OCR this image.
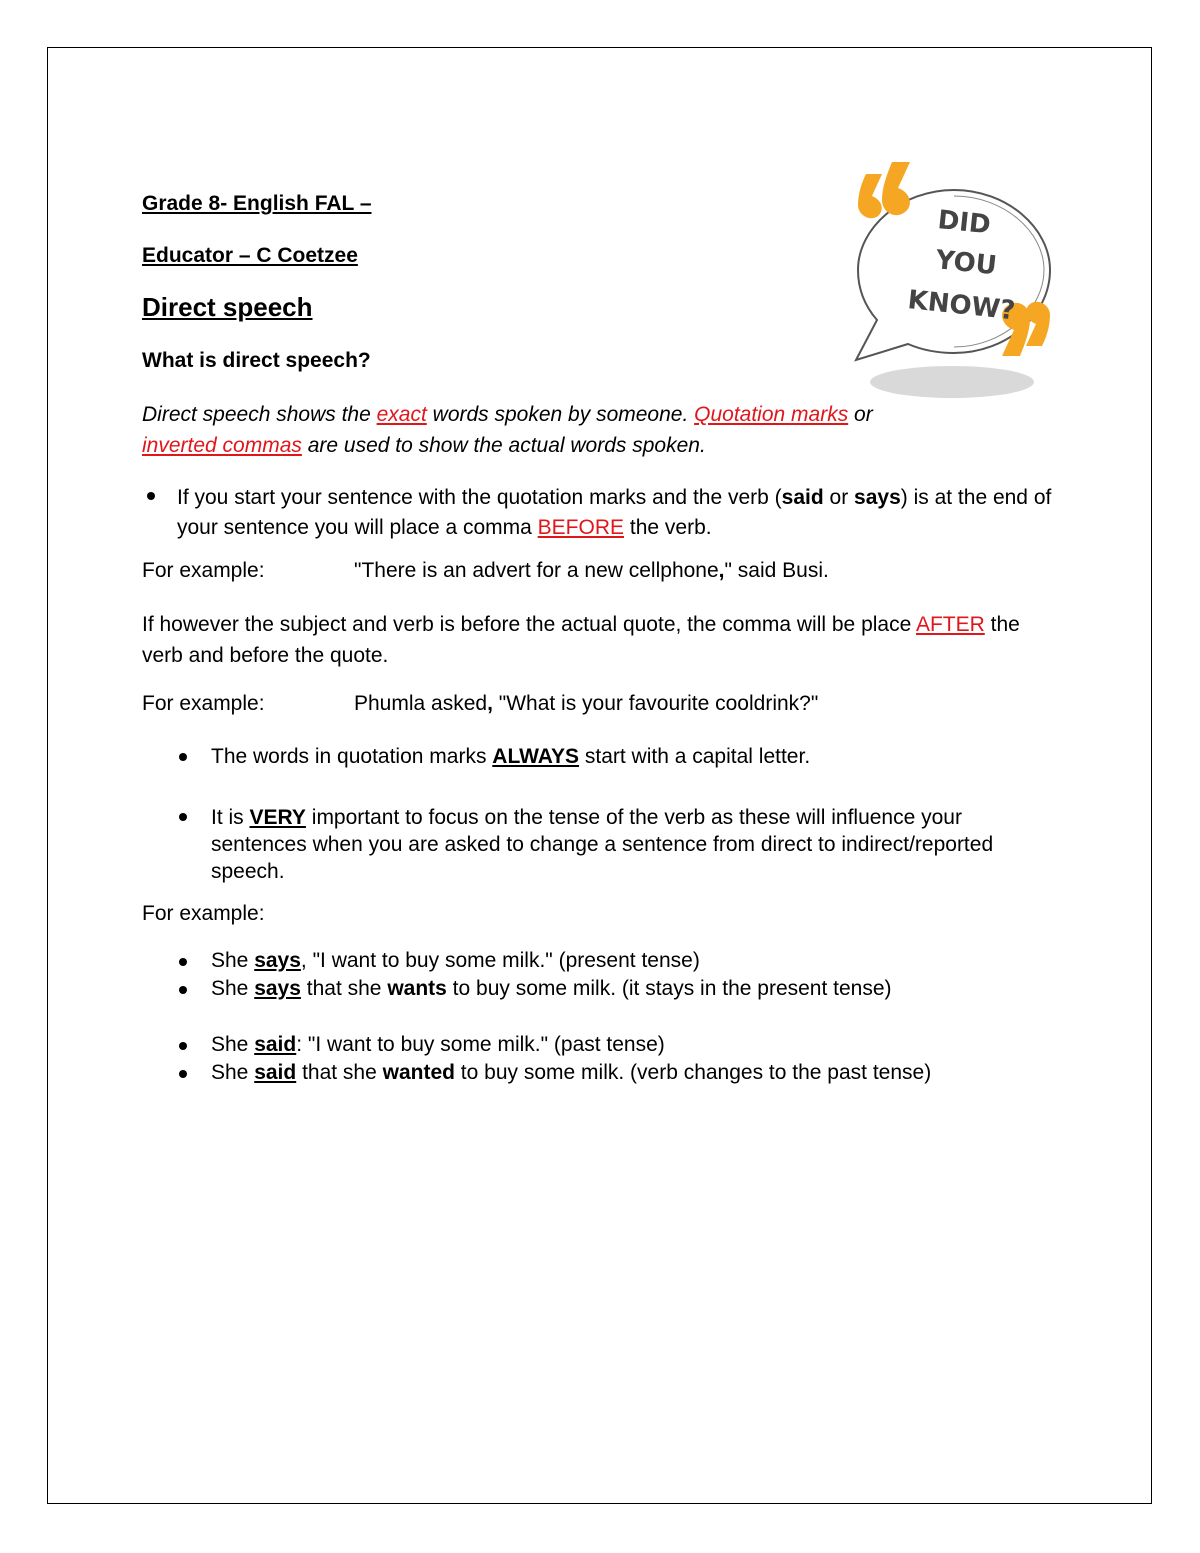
DID
YOU
KNOW?

Grade 8- English FAL –

Educator – C Coetzee

Direct speech

What is direct speech?

Direct speech shows the exact words spoken by someone. Quotation marks or inverted commas are used to show the actual words spoken.

If you start your sentence with the quotation marks and the verb (said or says) is at the end of your sentence you will place a comma BEFORE the verb.
For example:	"There is an advert for a new cellphone," said Busi.

If however the subject and verb is before the actual quote, the comma will be place AFTER the verb and before the quote.

For example:	Phumla asked, "What is your favourite cooldrink?"
The words in quotation marks ALWAYS start with a capital letter.
It is VERY important to focus on the tense of the verb as these will influence your sentences when you are asked to change a sentence from direct to indirect/reported speech.

For example:

She says, "I want to buy some milk." (present tense)
She says that she wants to buy some milk. (it stays in the present tense)
She said: "I want to buy some milk." (past tense)
She said that she wanted to buy some milk. (verb changes to the past tense)
